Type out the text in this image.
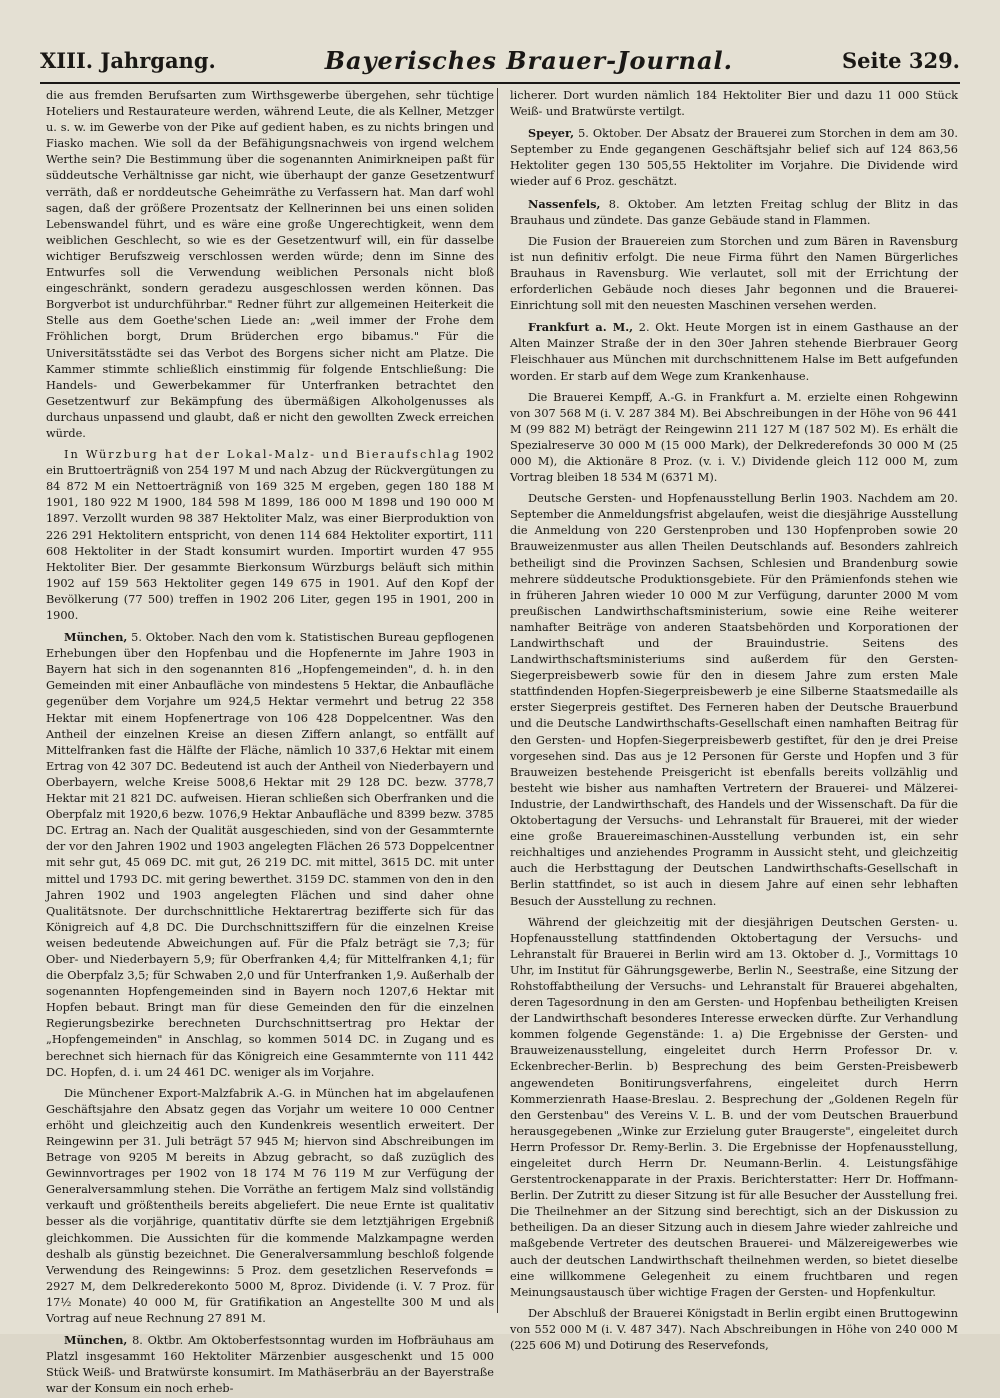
XIII. Jahrgang.	Bayerisches Brauer-Journal.	Seite 329.

die aus fremden Berufsarten zum Wirthsgewerbe übergehen, sehr tüchtige Hoteliers und Restaurateure werden, während Leute, die als Kellner, Metzger u. s. w. im Gewerbe von der Pike auf gedient haben, es zu nichts bringen und Fiasko machen. Wie soll da der Befähigungsnachweis von irgend welchem Werthe sein? Die Bestimmung über die sogenannten Animirkneipen paßt für süddeutsche Verhältnisse gar nicht, wie überhaupt der ganze Gesetzentwurf verräth, daß er norddeutsche Geheimräthe zu Verfassern hat. Man darf wohl sagen, daß der größere Prozentsatz der Kellnerinnen bei uns einen soliden Lebenswandel führt, und es wäre eine große Ungerechtigkeit, wenn dem weiblichen Geschlecht, so wie es der Gesetzentwurf will, ein für dasselbe wichtiger Berufszweig verschlossen werden würde; denn im Sinne des Entwurfes soll die Verwendung weiblichen Personals nicht bloß eingeschränkt, sondern geradezu ausgeschlossen werden können. Das Borgverbot ist undurchführbar." Redner führt zur allgemeinen Heiterkeit die Stelle aus dem Goethe'schen Liede an: „weil immer der Frohe dem Fröhlichen borgt, Drum Brüderchen ergo bibamus." Für die Universitätsstädte sei das Verbot des Borgens sicher nicht am Platze. Die Kammer stimmte schließlich einstimmig für folgende Entschließung: Die Handels- und Gewerbekammer für Unterfranken betrachtet den Gesetzentwurf zur Bekämpfung des übermäßigen Alkoholgenusses als durchaus unpassend und glaubt, daß er nicht den gewollten Zweck erreichen würde.

In Würzburg hat der Lokal-Malz- und Bieraufschlag 1902 ein Bruttoerträgniß von 254 197 M und nach Abzug der Rückvergütungen zu 84 872 M ein Nettoerträgniß von 169 325 M ergeben, gegen 180 188 M 1901, 180 922 M 1900, 184 598 M 1899, 186 000 M 1898 und 190 000 M 1897. Verzollt wurden 98 387 Hektoliter Malz, was einer Bierproduktion von 226 291 Hektolitern entspricht, von denen 114 684 Hektoliter exportirt, 111 608 Hektoliter in der Stadt konsumirt wurden. Importirt wurden 47 955 Hektoliter Bier. Der gesammte Bierkonsum Würzburgs beläuft sich mithin 1902 auf 159 563 Hektoliter gegen 149 675 in 1901. Auf den Kopf der Bevölkerung (77 500) treffen in 1902 206 Liter, gegen 195 in 1901, 200 in 1900.

München, 5. Oktober. Nach den vom k. Statistischen Bureau gepflogenen Erhebungen über den Hopfenbau und die Hopfenernte im Jahre 1903 in Bayern hat sich in den sogenannten 816 „Hopfengemeinden", d. h. in den Gemeinden mit einer Anbaufläche von mindestens 5 Hektar, die Anbaufläche gegenüber dem Vorjahre um 924,5 Hektar vermehrt und betrug 22 358 Hektar mit einem Hopfenertrage von 106 428 Doppelcentner. Was den Antheil der einzelnen Kreise an diesen Ziffern anlangt, so entfällt auf Mittelfranken fast die Hälfte der Fläche, nämlich 10 337,6 Hektar mit einem Ertrag von 42 307 DC. Bedeutend ist auch der Antheil von Niederbayern und Oberbayern, welche Kreise 5008,6 Hektar mit 29 128 DC. bezw. 3778,7 Hektar mit 21 821 DC. aufweisen. Hieran schließen sich Oberfranken und die Oberpfalz mit 1920,6 bezw. 1076,9 Hektar Anbaufläche und 8399 bezw. 3785 DC. Ertrag an. Nach der Qualität ausgeschieden, sind von der Gesammternte der vor den Jahren 1902 und 1903 angelegten Flächen 26 573 Doppelcentner mit sehr gut, 45 069 DC. mit gut, 26 219 DC. mit mittel, 3615 DC. mit unter mittel und 1793 DC. mit gering bewerthet. 3159 DC. stammen von den in den Jahren 1902 und 1903 angelegten Flächen und sind daher ohne Qualitätsnote. Der durchschnittliche Hektarertrag bezifferte sich für das Königreich auf 4,8 DC. Die Durchschnittsziffern für die einzelnen Kreise weisen bedeutende Abweichungen auf. Für die Pfalz beträgt sie 7,3; für Ober- und Niederbayern 5,9; für Oberfranken 4,4; für Mittelfranken 4,1; für die Oberpfalz 3,5; für Schwaben 2,0 und für Unterfranken 1,9. Außerhalb der sogenannten Hopfengemeinden sind in Bayern noch 1207,6 Hektar mit Hopfen bebaut. Bringt man für diese Gemeinden den für die einzelnen Regierungsbezirke berechneten Durchschnittsertrag pro Hektar der „Hopfengemeinden" in Anschlag, so kommen 5014 DC. in Zugang und es berechnet sich hiernach für das Königreich eine Gesammternte von 111 442 DC. Hopfen, d. i. um 24 461 DC. weniger als im Vorjahre.

Die Münchener Export-Malzfabrik A.-G. in München hat im abgelaufenen Geschäftsjahre den Absatz gegen das Vorjahr um weitere 10 000 Centner erhöht und gleichzeitig auch den Kundenkreis wesentlich erweitert. Der Reingewinn per 31. Juli beträgt 57 945 M; hiervon sind Abschreibungen im Betrage von 9205 M bereits in Abzug gebracht, so daß zuzüglich des Gewinnvortrages per 1902 von 18 174 M 76 119 M zur Verfügung der Generalversammlung stehen. Die Vorräthe an fertigem Malz sind vollständig verkauft und größtentheils bereits abgeliefert. Die neue Ernte ist qualitativ besser als die vorjährige, quantitativ dürfte sie dem letztjährigen Ergebniß gleichkommen. Die Aussichten für die kommende Malzkampagne werden deshalb als günstig bezeichnet. Die Generalversammlung beschloß folgende Verwendung des Reingewinns: 5 Proz. dem gesetzlichen Reservefonds = 2927 M, dem Delkrederekonto 5000 M, 8proz. Dividende (i. V. 7 Proz. für 17½ Monate) 40 000 M, für Gratifikation an Angestellte 300 M und als Vortrag auf neue Rechnung 27 891 M.

München, 8. Oktbr. Am Oktoberfestsonntag wurden im Hofbräuhaus am Platzl insgesammt 160 Hektoliter Märzenbier ausgeschenkt und 15 000 Stück Weiß- und Bratwürste konsumirt. Im Mathäserbräu an der Bayerstraße war der Konsum ein noch erheb-

licherer. Dort wurden nämlich 184 Hektoliter Bier und dazu 11 000 Stück Weiß- und Bratwürste vertilgt.

Speyer, 5. Oktober. Der Absatz der Brauerei zum Storchen in dem am 30. September zu Ende gegangenen Geschäftsjahr belief sich auf 124 863,56 Hektoliter gegen 130 505,55 Hektoliter im Vorjahre. Die Dividende wird wieder auf 6 Proz. geschätzt.

Nassenfels, 8. Oktober. Am letzten Freitag schlug der Blitz in das Brauhaus und zündete. Das ganze Gebäude stand in Flammen.

Die Fusion der Brauereien zum Storchen und zum Bären in Ravensburg ist nun definitiv erfolgt. Die neue Firma führt den Namen Bürgerliches Brauhaus in Ravensburg. Wie verlautet, soll mit der Errichtung der erforderlichen Gebäude noch dieses Jahr begonnen und die Brauerei-Einrichtung soll mit den neuesten Maschinen versehen werden.

Frankfurt a. M., 2. Okt. Heute Morgen ist in einem Gasthause an der Alten Mainzer Straße der in den 30er Jahren stehende Bierbrauer Georg Fleischhauer aus München mit durchschnittenem Halse im Bett aufgefunden worden. Er starb auf dem Wege zum Krankenhause.

Die Brauerei Kempff, A.-G. in Frankfurt a. M. erzielte einen Rohgewinn von 307 568 M (i. V. 287 384 M). Bei Abschreibungen in der Höhe von 96 441 M (99 882 M) beträgt der Reingewinn 211 127 M (187 502 M). Es erhält die Spezialreserve 30 000 M (15 000 Mark), der Delkrederefonds 30 000 M (25 000 M), die Aktionäre 8 Proz. (v. i. V.) Dividende gleich 112 000 M, zum Vortrag bleiben 18 534 M (6371 M).

Deutsche Gersten- und Hopfenausstellung Berlin 1903. Nachdem am 20. September die Anmeldungsfrist abgelaufen, weist die diesjährige Ausstellung die Anmeldung von 220 Gerstenproben und 130 Hopfenproben sowie 20 Brauweizenmuster aus allen Theilen Deutschlands auf. Besonders zahlreich betheiligt sind die Provinzen Sachsen, Schlesien und Brandenburg sowie mehrere süddeutsche Produktionsgebiete. Für den Prämienfonds stehen wie in früheren Jahren wieder 10 000 M zur Verfügung, darunter 2000 M vom preußischen Landwirthschaftsministerium, sowie eine Reihe weiterer namhafter Beiträge von anderen Staatsbehörden und Korporationen der Landwirthschaft und der Brauindustrie. Seitens des Landwirthschaftsministeriums sind außerdem für den Gersten-Siegerpreisbewerb sowie für den in diesem Jahre zum ersten Male stattfindenden Hopfen-Siegerpreisbewerb je eine Silberne Staatsmedaille als erster Siegerpreis gestiftet. Des Ferneren haben der Deutsche Brauerbund und die Deutsche Landwirthschafts-Gesellschaft einen namhaften Beitrag für den Gersten- und Hopfen-Siegerpreisbewerb gestiftet, für den je drei Preise vorgesehen sind. Das aus je 12 Personen für Gerste und Hopfen und 3 für Brauweizen bestehende Preisgericht ist ebenfalls bereits vollzählig und besteht wie bisher aus namhaften Vertretern der Brauerei- und Mälzerei-Industrie, der Landwirthschaft, des Handels und der Wissenschaft. Da für die Oktobertagung der Versuchs- und Lehranstalt für Brauerei, mit der wieder eine große Brauereimaschinen-Ausstellung verbunden ist, ein sehr reichhaltiges und anziehendes Programm in Aussicht steht, und gleichzeitig auch die Herbsttagung der Deutschen Landwirthschafts-Gesellschaft in Berlin stattfindet, so ist auch in diesem Jahre auf einen sehr lebhaften Besuch der Ausstellung zu rechnen.

Während der gleichzeitig mit der diesjährigen Deutschen Gersten- u. Hopfenausstellung stattfindenden Oktobertagung der Versuchs- und Lehranstalt für Brauerei in Berlin wird am 13. Oktober d. J., Vormittags 10 Uhr, im Institut für Gährungsgewerbe, Berlin N., Seestraße, eine Sitzung der Rohstoffabtheilung der Versuchs- und Lehranstalt für Brauerei abgehalten, deren Tagesordnung in den am Gersten- und Hopfenbau betheiligten Kreisen der Landwirthschaft besonderes Interesse erwecken dürfte. Zur Verhandlung kommen folgende Gegenstände: 1. a) Die Ergebnisse der Gersten- und Brauweizenausstellung, eingeleitet durch Herrn Professor Dr. v. Eckenbrecher-Berlin. b) Besprechung des beim Gersten-Preisbewerb angewendeten Bonitirungsverfahrens, eingeleitet durch Herrn Kommerzienrath Haase-Breslau. 2. Besprechung der „Goldenen Regeln für den Gerstenbau" des Vereins V. L. B. und der vom Deutschen Brauerbund herausgegebenen „Winke zur Erzielung guter Braugerste", eingeleitet durch Herrn Professor Dr. Remy-Berlin. 3. Die Ergebnisse der Hopfenausstellung, eingeleitet durch Herrn Dr. Neumann-Berlin. 4. Leistungsfähige Gerstentrockenapparate in der Praxis. Berichterstatter: Herr Dr. Hoffmann-Berlin. Der Zutritt zu dieser Sitzung ist für alle Besucher der Ausstellung frei. Die Theilnehmer an der Sitzung sind berechtigt, sich an der Diskussion zu betheiligen. Da an dieser Sitzung auch in diesem Jahre wieder zahlreiche und maßgebende Vertreter des deutschen Brauerei- und Mälzereigewerbes wie auch der deutschen Landwirthschaft theilnehmen werden, so bietet dieselbe eine willkommene Gelegenheit zu einem fruchtbaren und regen Meinungsaustausch über wichtige Fragen der Gersten- und Hopfenkultur.

Der Abschluß der Brauerei Königstadt in Berlin ergibt einen Bruttogewinn von 552 000 M (i. V. 487 347). Nach Abschreibungen in Höhe von 240 000 M (225 606 M) und Dotirung des Reservefonds,
